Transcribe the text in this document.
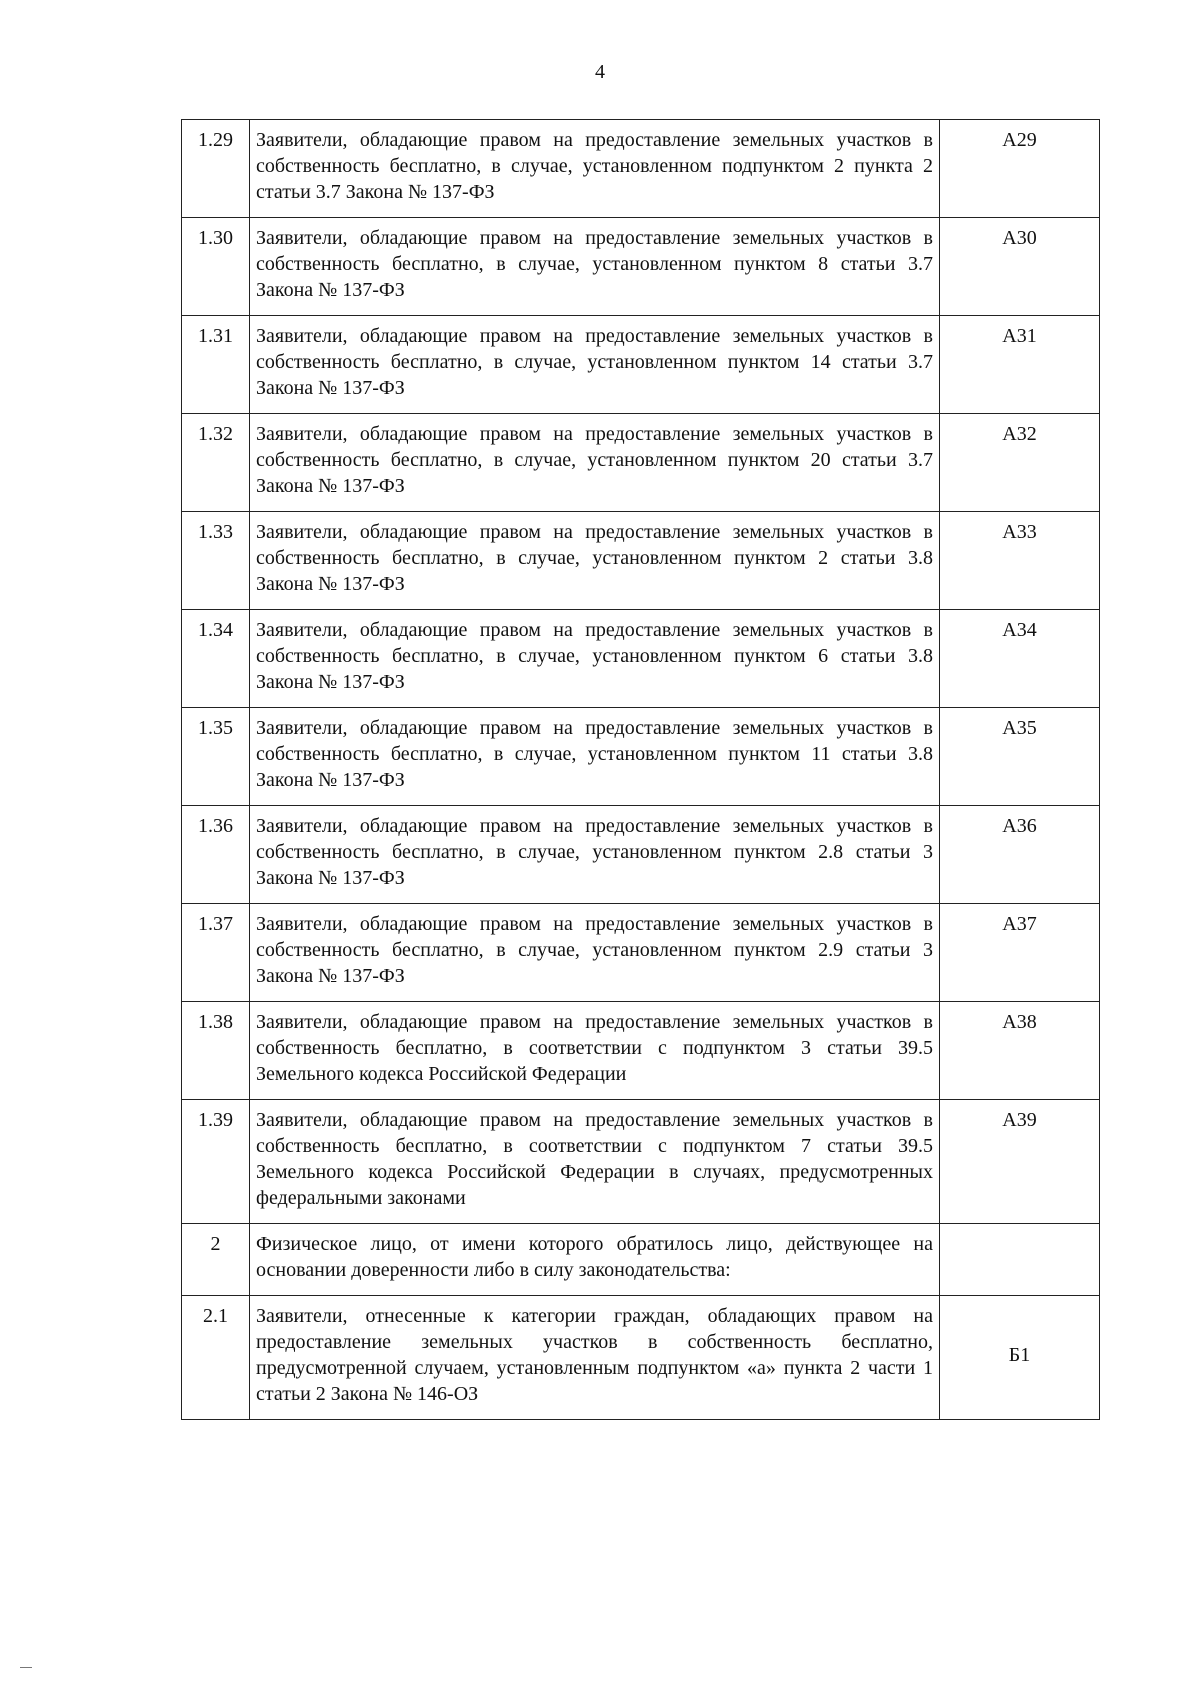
4
1.29	Заявители, обладающие правом на предоставление земельных участков в собственность бесплатно, в случае, установленном подпунктом 2 пункта 2 статьи 3.7 Закона № 137-ФЗ	А29
1.30	Заявители, обладающие правом на предоставление земельных участков в собственность бесплатно, в случае, установленном пунктом 8 статьи 3.7 Закона № 137-ФЗ	А30
1.31	Заявители, обладающие правом на предоставление земельных участков в собственность бесплатно, в случае, установленном пунктом 14 статьи 3.7 Закона № 137-ФЗ	А31
1.32	Заявители, обладающие правом на предоставление земельных участков в собственность бесплатно, в случае, установленном пунктом 20 статьи 3.7 Закона № 137-ФЗ	А32
1.33	Заявители, обладающие правом на предоставление земельных участков в собственность бесплатно, в случае, установленном пунктом 2 статьи 3.8 Закона № 137-ФЗ	А33
1.34	Заявители, обладающие правом на предоставление земельных участков в собственность бесплатно, в случае, установленном пунктом 6 статьи 3.8 Закона № 137-ФЗ	А34
1.35	Заявители, обладающие правом на предоставление земельных участков в собственность бесплатно, в случае, установленном пунктом 11 статьи 3.8 Закона № 137-ФЗ	А35
1.36	Заявители, обладающие правом на предоставление земельных участков в собственность бесплатно, в случае, установленном пунктом 2.8 статьи 3 Закона № 137-ФЗ	А36
1.37	Заявители, обладающие правом на предоставление земельных участков в собственность бесплатно, в случае, установленном пунктом 2.9 статьи 3 Закона № 137-ФЗ	А37
1.38	Заявители, обладающие правом на предоставление земельных участков в собственность бесплатно, в соответствии с подпунктом 3 статьи 39.5 Земельного кодекса Российской Федерации	А38
1.39	Заявители, обладающие правом на предоставление земельных участков в собственность бесплатно, в соответствии с подпунктом 7 статьи 39.5 Земельного кодекса Российской Федерации в случаях, предусмотренных федеральными законами	А39
2	Физическое лицо, от имени которого обратилось лицо, действующее на основании доверенности либо в силу законодательства:	
2.1	Заявители, отнесенные к категории граждан, обладающих правом на предоставление земельных участков в собственность бесплатно, предусмотренной случаем, установленным подпунктом «а» пункта 2 части 1 статьи 2 Закона № 146-ОЗ	Б1
